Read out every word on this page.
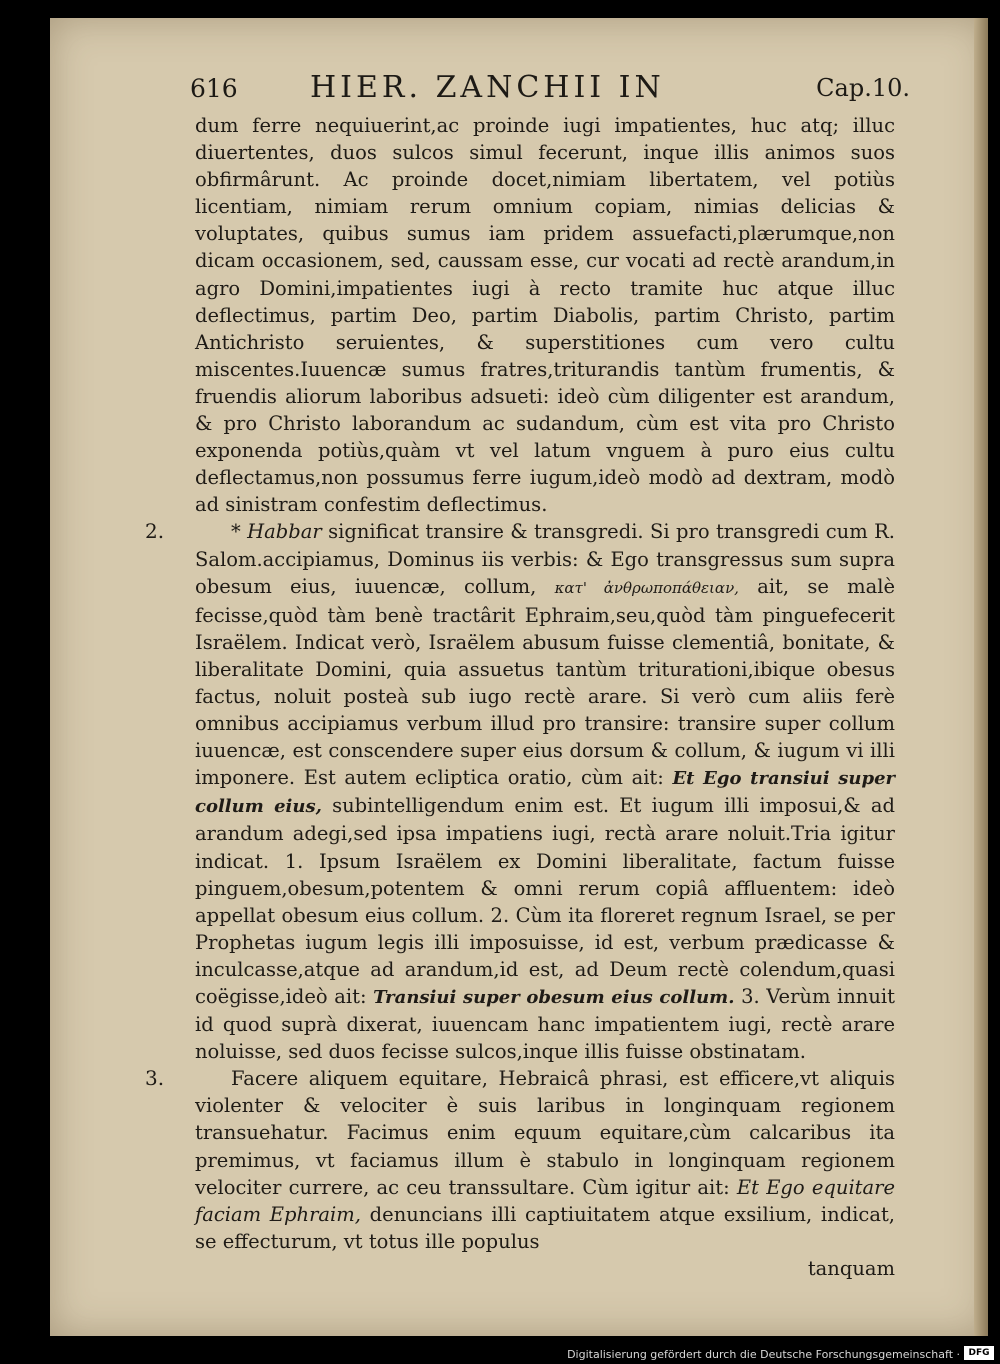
616 HIER. ZANCHII IN	Cap.10.

dum ferre nequiuerint,ac proinde iugi impatientes, huc atq; illuc diuertentes, duos sulcos simul fecerunt, inque illis animos suos obfirmârunt. Ac proinde docet,nimiam libertatem, vel potiùs licentiam, nimiam rerum omnium copiam, nimias delicias & voluptates, quibus sumus iam pridem assuefacti,plærumque,non dicam occasionem, sed, caussam esse, cur vocati ad rectè arandum,in agro Domini,impatientes iugi à recto tramite huc atque illuc deflectimus, partim Deo, partim Diabolis, partim Christo, partim Antichristo seruientes, & superstitiones cum vero cultu miscentes.Iuuencæ sumus fratres,triturandis tantùm frumentis, & fruendis aliorum laboribus adsueti: ideò cùm diligenter est arandum, & pro Christo laborandum ac sudandum, cùm est vita pro Christo exponenda potiùs,quàm vt vel latum vnguem à puro eius cultu deflectamus,non possumus ferre iugum,ideò modò ad dextram, modò ad sinistram confestim deflectimus.

2.	* Habbar significat transire & transgredi. Si pro transgredi cum R. Salom.accipiamus, Dominus iis verbis: & Ego transgressus sum supra obesum eius, iuuencæ, collum, κατ' ἀνθρωποπάθειαν, ait, se malè fecisse,quòd tàm benè tractârit Ephraim,seu,quòd tàm pinguefecerit Israëlem. Indicat verò, Israëlem abusum fuisse clementiâ, bonitate, & liberalitate Domini, quia assuetus tantùm triturationi,ibique obesus factus, noluit posteà sub iugo rectè arare. Si verò cum aliis ferè omnibus accipiamus verbum illud pro transire: transire super collum iuuencæ, est conscendere super eius dorsum & collum, & iugum vi illi imponere. Est autem ecliptica oratio, cùm ait: Et Ego transiui super collum eius, subintelligendum enim est. Et iugum illi imposui,& ad arandum adegi,sed ipsa impatiens iugi, rectà arare noluit.Tria igitur indicat. 1. Ipsum Israëlem ex Domini liberalitate, factum fuisse pinguem,obesum,potentem & omni rerum copiâ affluentem: ideò appellat obesum eius collum. 2. Cùm ita floreret regnum Israel, se per Prophetas iugum legis illi imposuisse, id est, verbum prædicasse & inculcasse,atque ad arandum,id est, ad Deum rectè colendum,quasi coëgisse,ideò ait: Transiui super obesum eius collum. 3. Verùm innuit id quod suprà dixerat, iuuencam hanc impatientem iugi, rectè arare noluisse, sed duos fecisse sulcos,inque illis fuisse obstinatam.

3.	Facere aliquem equitare, Hebraicâ phrasi, est efficere,vt aliquis violenter & velociter è suis laribus in longinquam regionem transuehatur. Facimus enim equum equitare,cùm calcaribus ita premimus, vt faciamus illum è stabulo in longinquam regionem velociter currere, ac ceu transsultare. Cùm igitur ait: Et Ego equitare faciam Ephraim, denuncians illi captiuitatem atque exsilium, indicat, se effecturum, vt totus ille populus

tanquam

Digitalisierung gefördert durch die Deutsche Forschungsgemeinschaft · DFG
